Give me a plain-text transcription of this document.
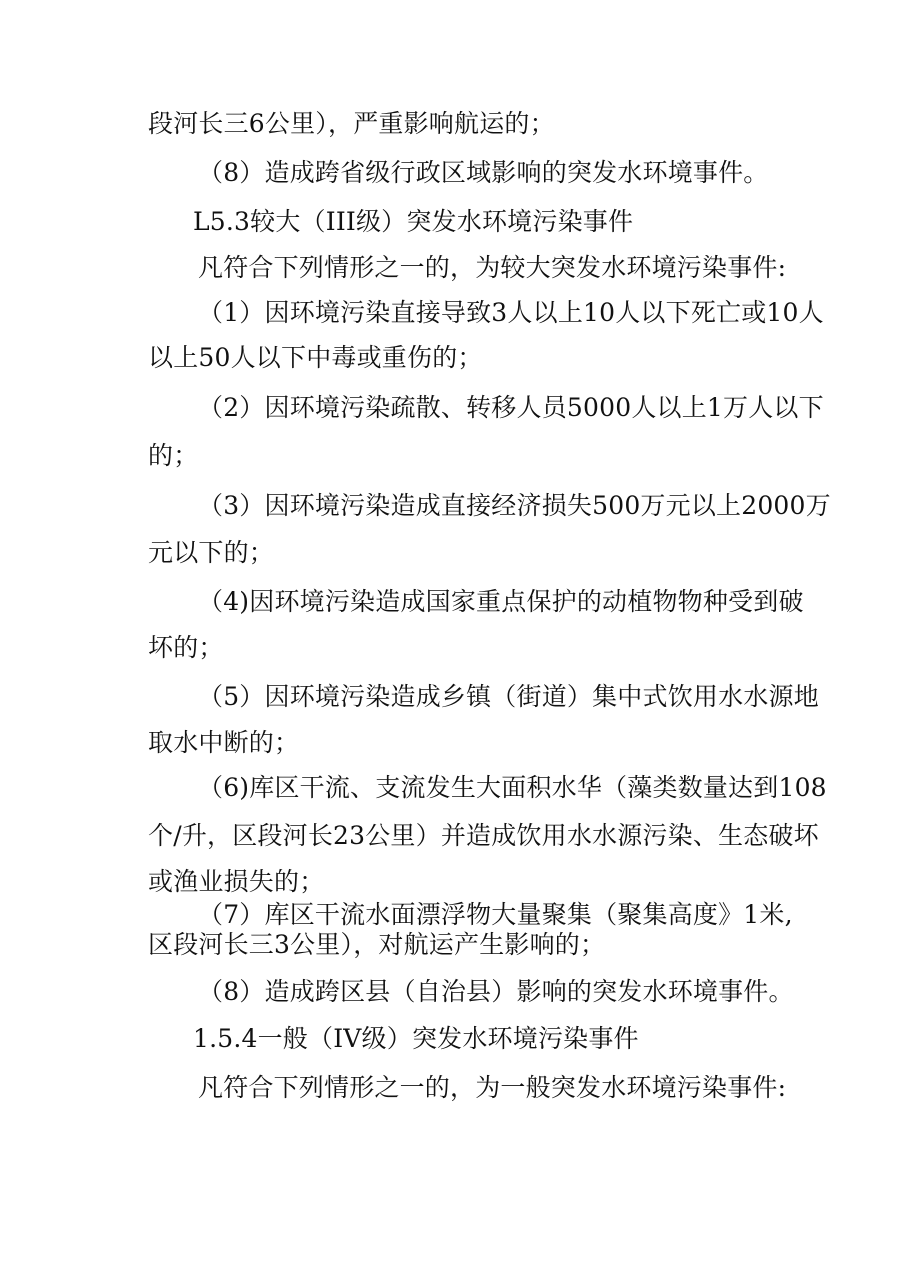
段河长三6公里），严重影响航运的；
（8）造成跨省级行政区域影响的突发水环境事件。
L5.3较大（III级）突发水环境污染事件
凡符合下列情形之一的，为较大突发水环境污染事件:
（1）因环境污染直接导致3人以上10人以下死亡或10人
以上50人以下中毒或重伤的；
（2）因环境污染疏散、转移人员5000人以上1万人以下
的；
（3）因环境污染造成直接经济损失500万元以上2000万
元以下的；
（4)因环境污染造成国家重点保护的动植物物种受到破
坏的；
（5）因环境污染造成乡镇（街道）集中式饮用水水源地
取水中断的；
（6)库区干流、支流发生大面积水华（藻类数量达到108
个/升，区段河长23公里）并造成饮用水水源污染、生态破坏
或渔业损失的；
（7）库区干流水面漂浮物大量聚集（聚集高度》1米,
区段河长三3公里），对航运产生影响的；
（8）造成跨区县（自治县）影响的突发水环境事件。
1.5.4一般（IV级）突发水环境污染事件
凡符合下列情形之一的，为一般突发水环境污染事件:
